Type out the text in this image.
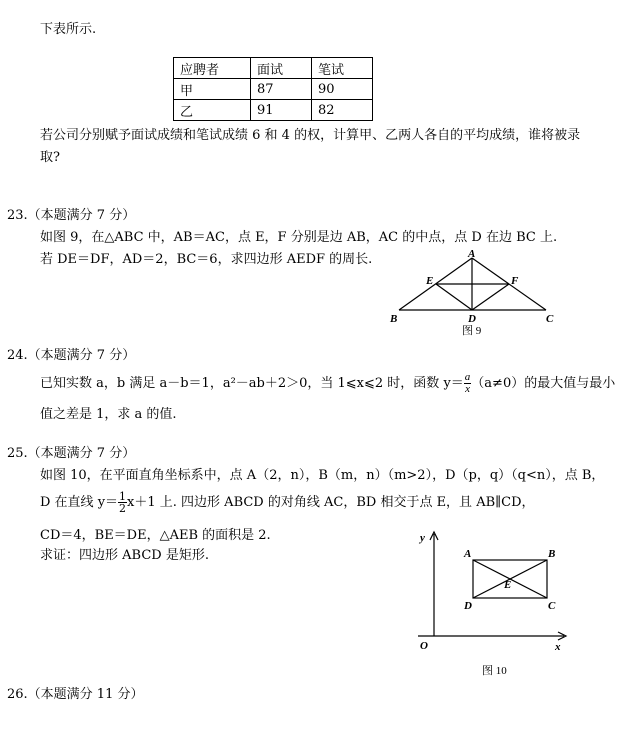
下表所示.
应聘者	面试	笔试
甲	87	90
乙	91	82
若公司分别赋予面试成绩和笔试成绩 6 和 4 的权，计算甲、乙两人各自的平均成绩，谁将被录
取?
23.（本题满分 7 分）
如图 9，在△ABC 中，AB＝AC，点 E，F 分别是边 AB，AC 的中点，点 D 在边 BC 上.
若 DE＝DF，AD＝2，BC＝6，求四边形 AEDF 的周长.	A
E	F
B	D	C
图 9
24.（本题满分 7 分）
已知实数 a，b 满足 a－b＝1，a²－ab＋2＞0，当 1⩽x⩽2 时，函数 $y= \frac{a}{x} (a\ne 0)$的最大值与最小
值之差是 1，求 a 的值.
25.（本题满分 7 分）
如图 10，在平面直角坐标系中，点 A（2，n），B（m，n）（m>2），D（p，q）（q<n），点 B，
D 在直线 $y= \frac{1}{2} x+1$ 上. 四边形 ABCD 的对角线 AC，BD 相交于点 E，且 AB∥CD，
CD＝4，BE＝DE，△AEB 的面积是 2.
求证：四边形 ABCD 是矩形.
y
x
O
A	B
C
D
E
图 10
26.（本题满分 11 分）
